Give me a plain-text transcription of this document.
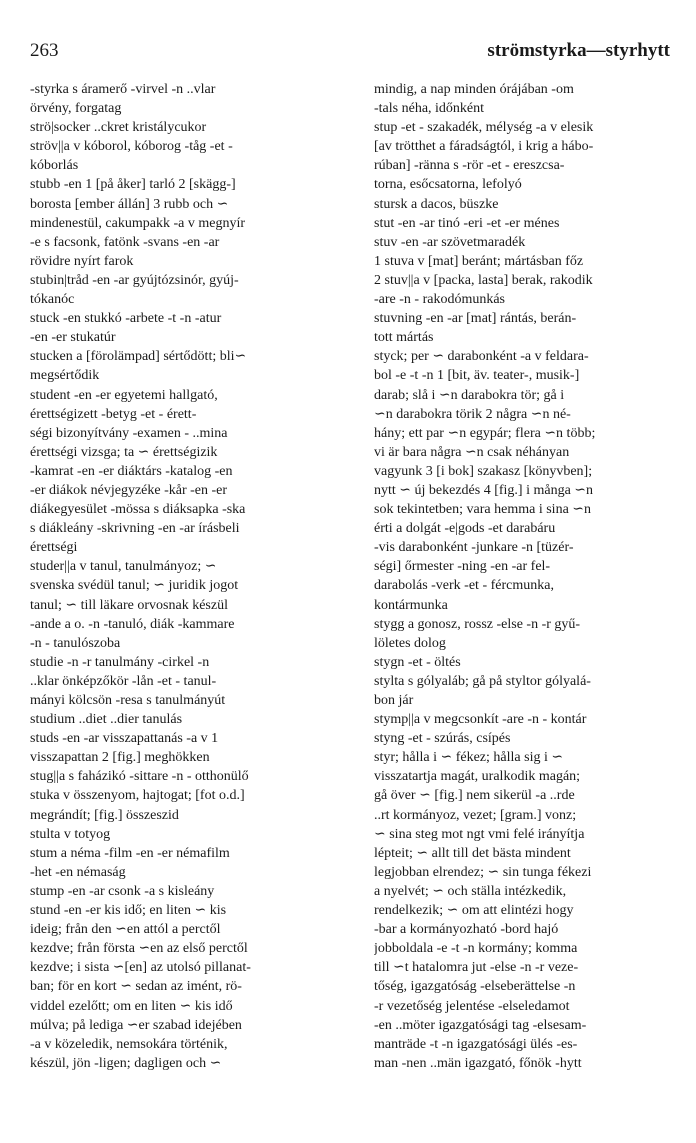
263	strömstyrka—styrhytt
-styrka s áramerő -virvel -n ..vlar
örvény, forgatag
strö|socker ..ckret kristálycukor
ströv||a v kóborol, kóborog -tåg -et -
kóborlás
stubb -en 1 [på åker] tarló 2 [skägg-]
borosta [ember állán] 3 rubb och ∽
mindenestül, cakumpakk -a v megnyír
-e s facsonk, fatönk -svans -en -ar
rövidre nyírt farok
stubin|tråd -en -ar gyújtózsinór, gyúj-
tókanóc
stuck -en stukkó -arbete -t -n -atur
-en -er stukatúr
stucken a [förolämpad] sértődött; bli∽
megsértődik
student -en -er egyetemi hallgató,
érettségizett -betyg -et - érett-
ségi bizonyítvány -examen - ..mina
érettségi vizsga; ta ∽ érettségizik
-kamrat -en -er diáktárs -katalog -en
-er diákok névjegyzéke -kår -en -er
diákegyesület -mössa s diáksapka -ska
s diákleány -skrivning -en -ar írásbeli
érettségi
studer||a v tanul, tanulmányoz; ∽
svenska svédül tanul; ∽ juridik jogot
tanul; ∽ till läkare orvosnak készül
-ande a o. -n -tanuló, diák -kammare
-n - tanulószoba
studie -n -r tanulmány -cirkel -n
..klar önképzőkör -lån -et - tanul-
mányi kölcsön -resa s tanulmányút
studium ..diet ..dier tanulás
studs -en -ar visszapattanás -a v 1
visszapattan 2 [fig.] meghökken
stug||a s faházikó -sittare -n - otthonülő
stuka v összenyom, hajtogat; [fot o.d.]
megrándít; [fig.] összeszid
stulta v totyog
stum a néma -film -en -er némafilm
-het -en némaság
stump -en -ar csonk -a s kisleány
stund -en -er kis idő; en liten ∽ kis
ideig; från den ∽en attól a perctől
kezdve; från första ∽en az első perctől
kezdve; i sista ∽[en] az utolsó pillanat-
ban; för en kort ∽ sedan az imént, rö-
viddel ezelőtt; om en liten ∽ kis idő
múlva; på lediga ∽er szabad idejében
-a v közeledik, nemsokára történik,
készül, jön -ligen; dagligen och ∽
mindig, a nap minden órájában -om
-tals néha, időnként
stup -et - szakadék, mélység -a v elesik
[av trötthet a fáradságtól, i krig a hábo-
rúban] -ränna s -rör -et - ereszcsa-
torna, esőcsatorna, lefolyó
stursk a dacos, büszke
stut -en -ar tinó -eri -et -er ménes
stuv -en -ar szövetmaradék
1 stuva v [mat] beránt; mártásban főz
2 stuv||a v [packa, lasta] berak, rakodik
-are -n - rakodómunkás
stuvning -en -ar [mat] rántás, berán-
tott mártás
styck; per ∽ darabonként -a v feldara-
bol -e -t -n 1 [bit, äv. teater-, musik-]
darab; slå i ∽n darabokra tör; gå i
∽n darabokra törik 2 några ∽n né-
hány; ett par ∽n egypár; flera ∽n több;
vi är bara några ∽n csak néhányan
vagyunk 3 [i bok] szakasz [könyvben];
nytt ∽ új bekezdés 4 [fig.] i många ∽n
sok tekintetben; vara hemma i sina ∽n
érti a dolgát -e|gods -et darabáru
-vis darabonként -junkare -n [tüzér-
ségi] őrmester -ning -en -ar fel-
darabolás -verk -et - fércmunka,
kontármunka
stygg a gonosz, rossz -else -n -r gyű-
löletes dolog
stygn -et - öltés
stylta s gólyaláb; gå på styltor gólyalá-
bon jár
stymp||a v megcsonkít -are -n - kontár
styng -et - szúrás, csípés
styr; hålla i ∽ fékez; hålla sig i ∽
visszatartja magát, uralkodik magán;
gå över ∽ [fig.] nem sikerül -a ..rde
..rt kormányoz, vezet; [gram.] vonz;
∽ sina steg mot ngt vmi felé irányítja
lépteit; ∽ allt till det bästa mindent
legjobban elrendez; ∽ sin tunga fékezi
a nyelvét; ∽ och ställa intézkedik,
rendelkezik; ∽ om att elintézi hogy
-bar a kormányozható -bord hajó
jobboldala -e -t -n kormány; komma
till ∽t hatalomra jut -else -n -r veze-
tőség, igazgatóság -elseberättelse -n
-r vezetőség jelentése -elseledamot
-en ..möter igazgatósági tag -elsesam-
manträde -t -n igazgatósági ülés -es-
man -nen ..män igazgató, főnök -hytt
